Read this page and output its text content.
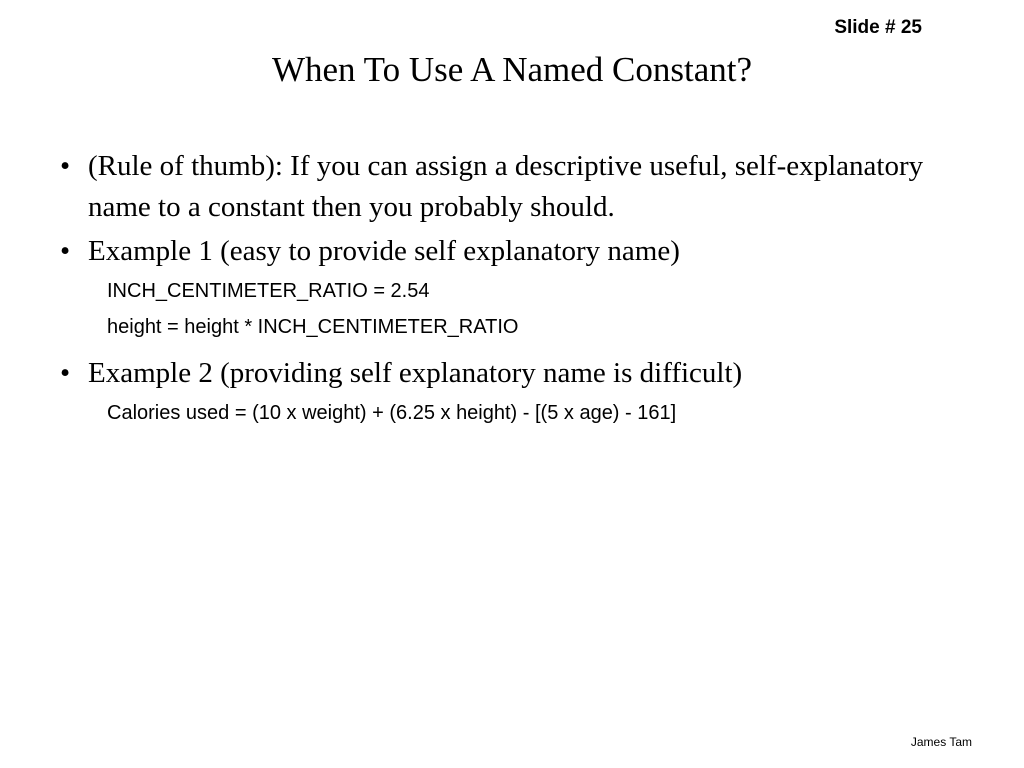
Slide # 25
When To Use A Named Constant?
• (Rule of thumb): If you can assign a descriptive useful, self-explanatory name to a constant then you probably should.
• Example 1 (easy to provide self explanatory name)
INCH_CENTIMETER_RATIO = 2.54
height = height * INCH_CENTIMETER_RATIO
• Example 2 (providing self explanatory name is difficult)
Calories used = (10 x weight) + (6.25 x height) - [(5 x age) - 161]
James Tam
